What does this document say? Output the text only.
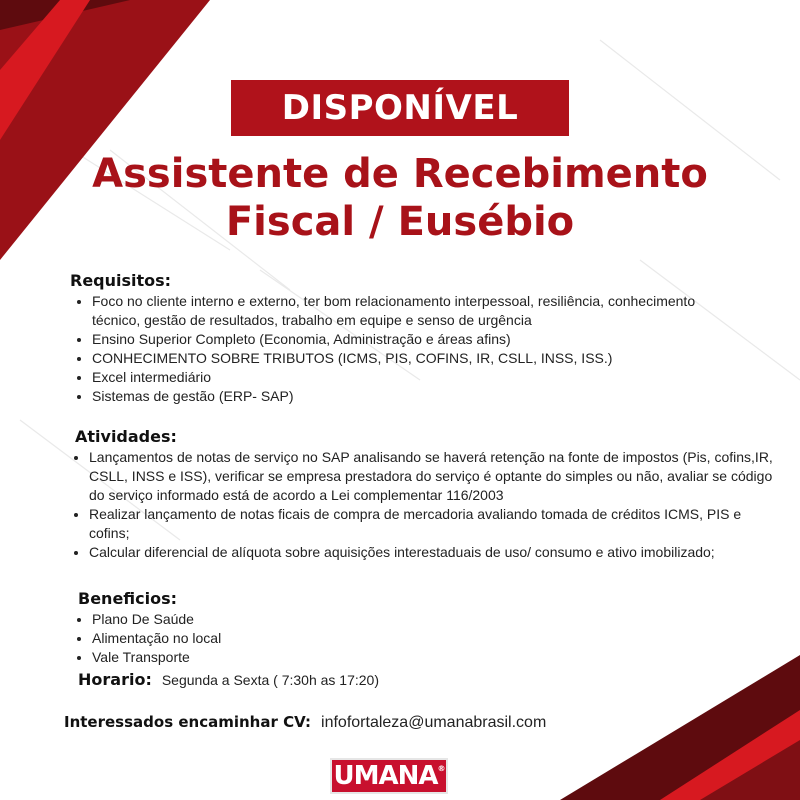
DISPONÍVEL
Assistente de Recebimento
Fiscal / Eusébio
Requisitos:
• Foco no cliente interno e externo, ter bom relacionamento interpessoal, resiliência, conhecimento técnico, gestão de resultados, trabalho em equipe e senso de urgência
• Ensino Superior Completo (Economia, Administração e áreas afins)
• CONHECIMENTO SOBRE TRIBUTOS (ICMS, PIS, COFINS, IR, CSLL, INSS, ISS.)
• Excel intermediário
• Sistemas de gestão (ERP- SAP)
Atividades:
• Lançamentos de notas de serviço no SAP analisando se haverá retenção na fonte de impostos (Pis, cofins,IR, CSLL, INSS e ISS), verificar se empresa prestadora do serviço é optante do simples ou não, avaliar se código do serviço informado está de acordo a Lei complementar 116/2003
• Realizar lançamento de notas ficais de compra de mercadoria avaliando tomada de créditos ICMS, PIS e cofins;
• Calcular diferencial de alíquota sobre aquisições interestaduais de uso/ consumo e ativo imobilizado;
Beneficios:
• Plano De Saúde
• Alimentação no local
• Vale Transporte
Horario: Segunda a Sexta ( 7:30h as 17:20)
Interessados encaminhar CV: infofortaleza@umanabrasil.com
UMANA ®
